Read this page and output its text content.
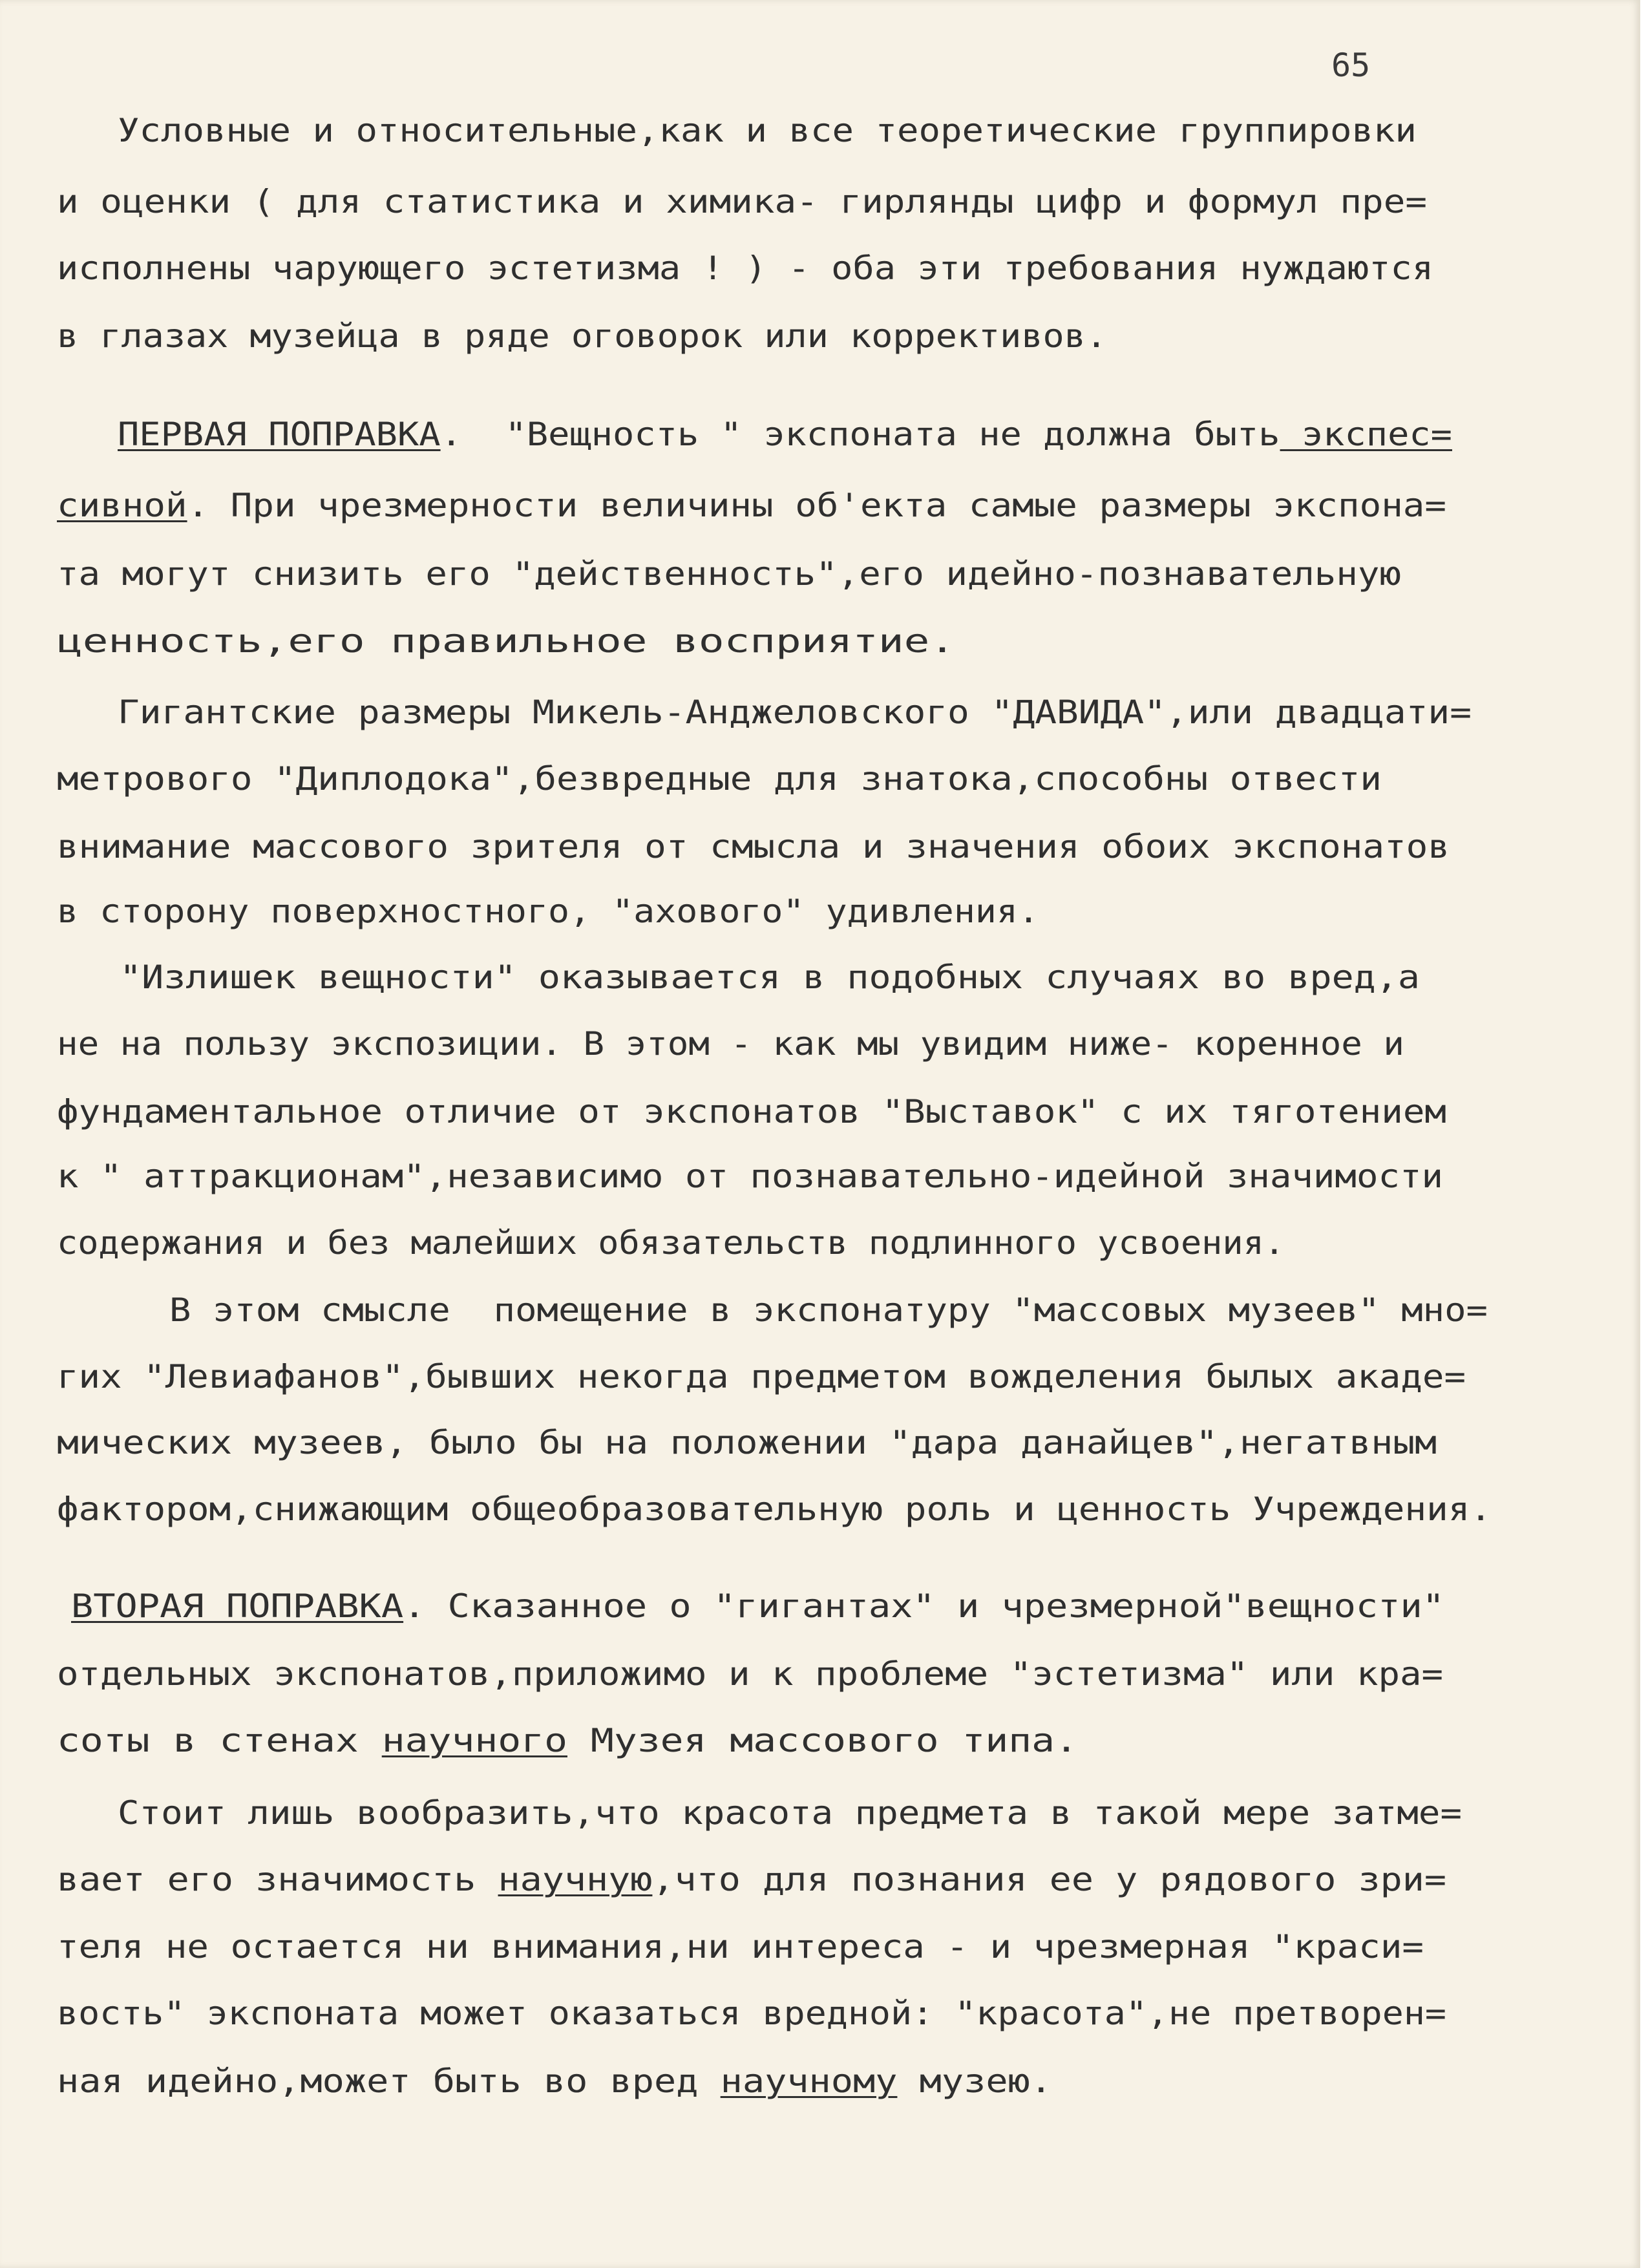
65
Условные и относительные,как и все теоретические группировки
и оценки ( для статистика и химика- гирлянды цифр и формул пре=
исполнены чарующего эстетизма ! ) - оба эти требования нуждаются
в глазах музейца в ряде оговорок или коррективов.
ПЕРВАЯ ПОПРАВКА.  "Вещность " экспоната не должна быть экспес=
сивной. При чрезмерности величины об'екта самые размеры экспона=
та могут снизить его "действенность",его идейно-познавательную
ценность,его правильное восприятие.
Гигантские размеры Микель-Анджеловского "ДАВИДА",или двадцати=
метрового "Диплодока",безвредные для знатока,способны отвести
внимание массового зрителя от смысла и значения обоих экспонатов
в сторону поверхностного, "ахового" удивления.
"Излишек вещности" оказывается в подобных случаях во вред,а
не на пользу экспозиции. В этом - как мы увидим ниже- коренное и
фундаментальное отличие от экспонатов "Выставок" с их тяготением
к " аттракционам",независимо от познавательно-идейной значимости
содержания и без малейших обязательств подлинного усвоения.
В этом смысле  помещение в экспонатуру "массовых музеев" мно=
гих "Левиафанов",бывших некогда предметом вожделения былых акаде=
мических музеев, было бы на положении "дара данайцев",негатвным
фактором,снижающим общеобразовательную роль и ценность Учреждения.
ВТОРАЯ ПОПРАВКА. Сказанное о "гигантах" и чрезмерной"вещности"
отдельных экспонатов,приложимо и к проблеме "эстетизма" или кра=
соты в стенах научного Музея массового типа.
Стоит лишь вообразить,что красота предмета в такой мере затме=
вает его значимость научную,что для познания ее у рядового зри=
теля не остается ни внимания,ни интереса - и чрезмерная "краси=
вость" экспоната может оказаться вредной: "красота",не претворен=
ная идейно,может быть во вред научному музею.
